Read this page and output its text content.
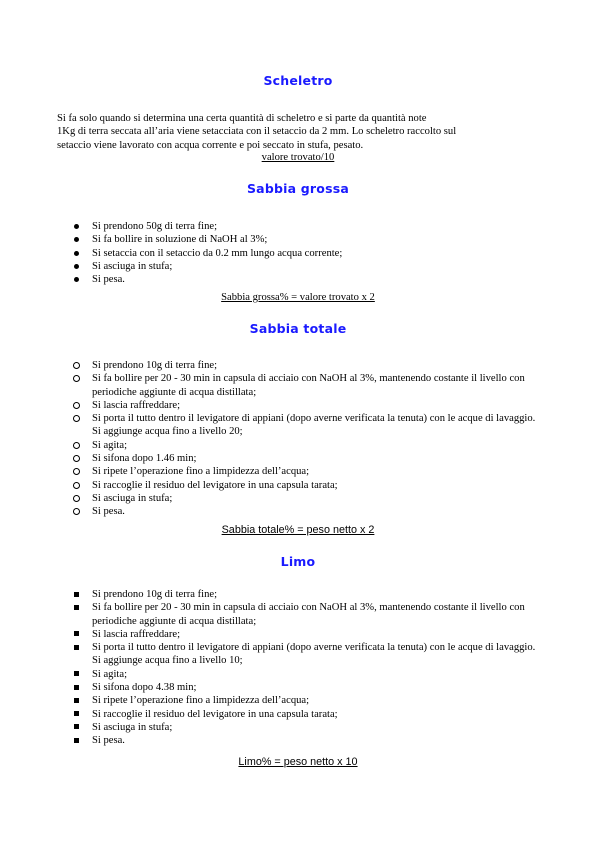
Scheletro
Si fa solo quando si determina una certa quantità di scheletro e si parte da quantità note
1Kg di terra seccata all’aria viene setacciata con il setaccio da 2 mm. Lo scheletro raccolto sul
setaccio viene lavorato con acqua corrente e poi seccato in stufa, pesato.
valore trovato/10
Sabbia grossa
Si prendono 50g di terra fine;
Si fa bollire in soluzione di NaOH al 3%;
Si setaccia con il setaccio da 0.2 mm lungo acqua corrente;
Si asciuga in stufa;
Si pesa.
Sabbia grossa% = valore trovato x 2
Sabbia totale
Si prendono 10g di terra fine;
Si fa bollire per 20 - 30 min in capsula di acciaio con NaOH al 3%, mantenendo costante il livello con periodiche aggiunte di acqua distillata;
Si lascia raffreddare;
Si porta il tutto dentro il levigatore di appiani (dopo averne verificata la tenuta) con le acque di lavaggio. Si aggiunge acqua fino a livello 20;
Si agita;
Si sifona dopo 1.46 min;
Si ripete l’operazione fino a limpidezza dell’acqua;
Si raccoglie il residuo del levigatore in una capsula tarata;
Si asciuga in stufa;
Si pesa.
Sabbia totale% = peso netto x 2
Limo
Si prendono 10g di terra fine;
Si fa bollire per 20 - 30 min in capsula di acciaio con NaOH al 3%, mantenendo costante il livello con periodiche aggiunte di acqua distillata;
Si lascia raffreddare;
Si porta il tutto dentro il levigatore di appiani (dopo averne verificata la tenuta) con le acque di lavaggio. Si aggiunge acqua fino a livello 10;
Si agita;
Si sifona dopo 4.38 min;
Si ripete l’operazione fino a limpidezza dell’acqua;
Si raccoglie il residuo del levigatore in una capsula tarata;
Si asciuga in stufa;
Si pesa.
Limo% = peso netto x 10
